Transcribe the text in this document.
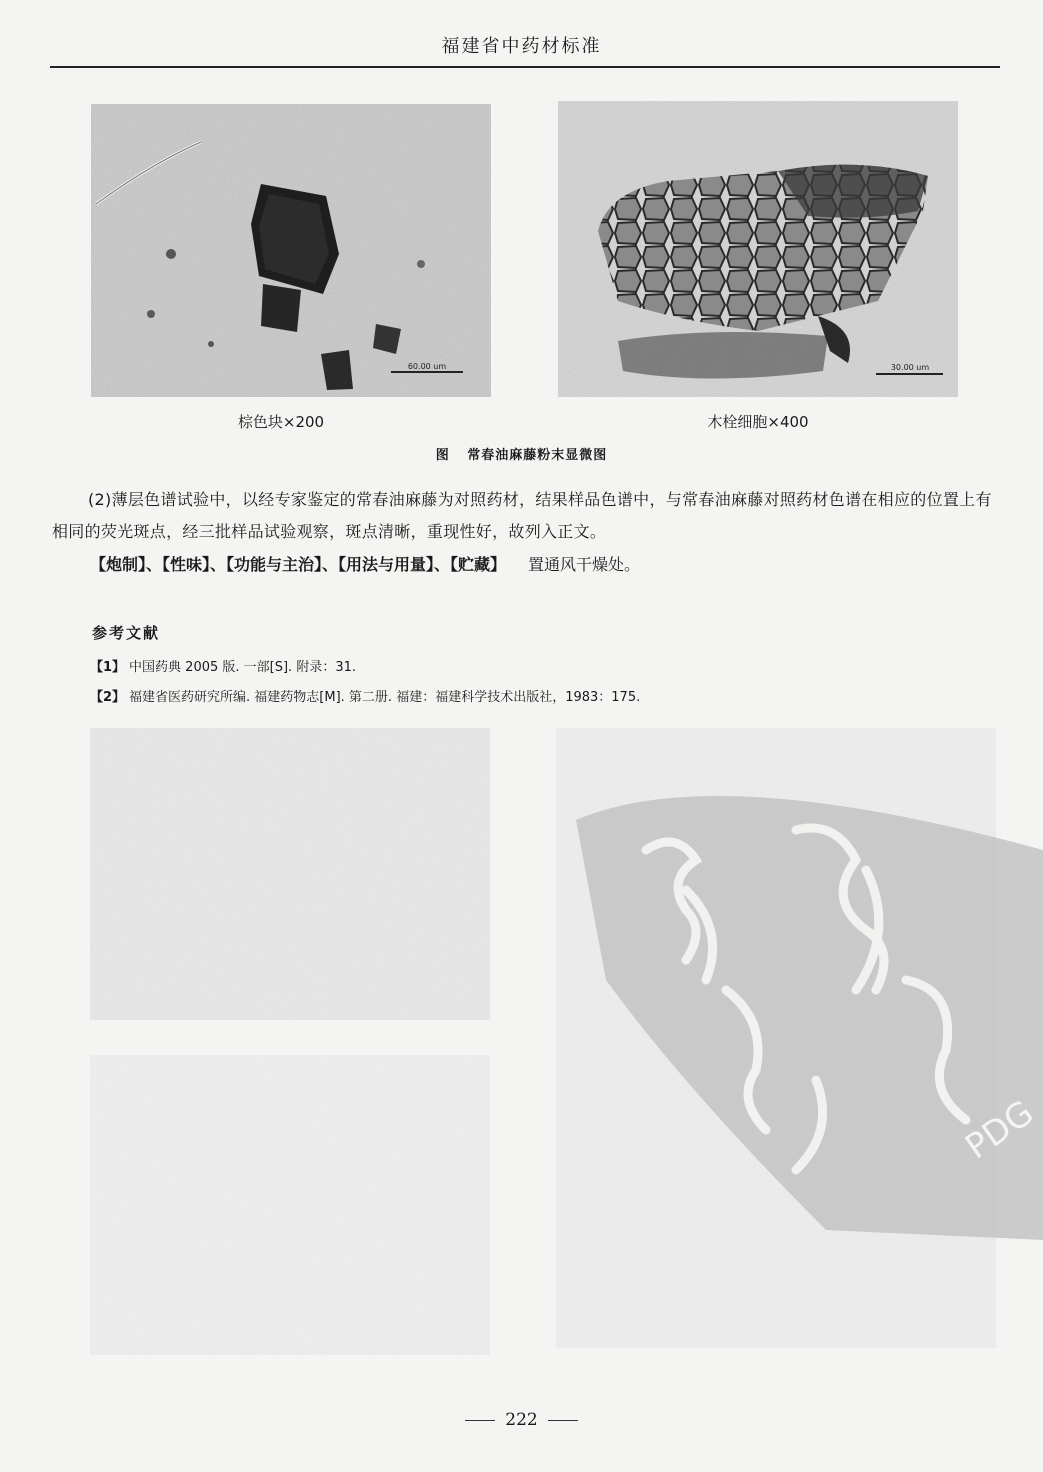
福建省中药材标准
60.00 um	30.00 um
棕色块×200	木栓细胞×400
图 常春油麻藤粉末显微图
(2)薄层色谱试验中，以经专家鉴定的常春油麻藤为对照药材，结果样品色谱中，与常春油麻藤对照药材色谱在相应的位置上有相同的荧光斑点，经三批样品试验观察，斑点清晰，重现性好，故列入正文。
【炮制】、【性味】、【功能与主治】、【用法与用量】、【贮藏】 置通风干燥处。
参考文献
【1】 中国药典 2005 版. 一部[S]. 附录：31.
【2】 福建省医药研究所编. 福建药物志[M]. 第二册. 福建：福建科学技术出版社，1983：175.
PDG
222
